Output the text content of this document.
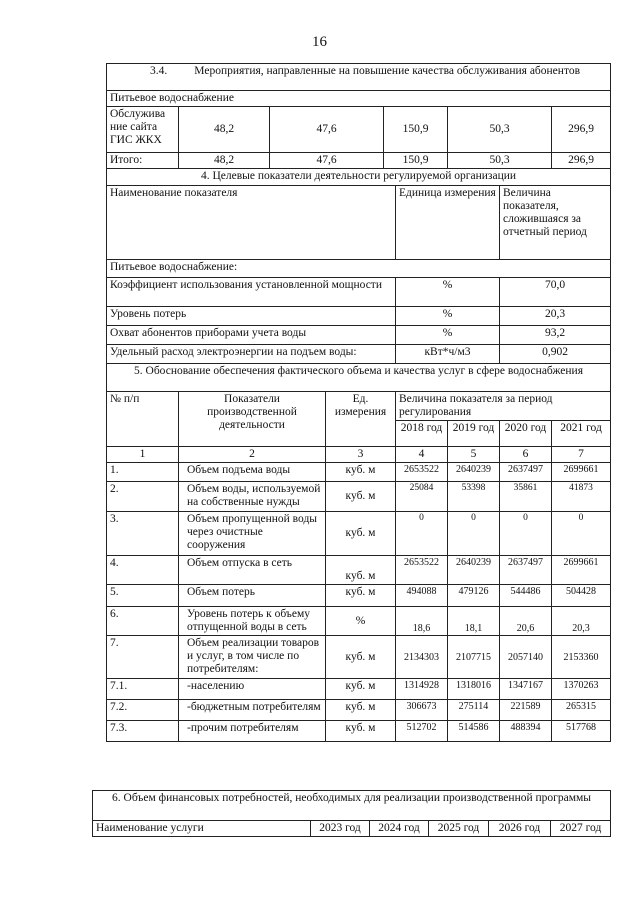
16
3.4. Мероприятия, направленные на повышение качества обслуживания абонентов								
Питьевое водоснабжение								
Обслужива ние сайта ГИС ЖКХ	48,2	47,6		150,9		50,3		296,9
Итого:	48,2	47,6		150,9		50,3		296,9
4. Целевые показатели деятельности регулируемой организации								
Наименование показателя					Единица измерения		Величина показателя, сложившаяся за отчетный период	
Питьевое водоснабжение:								
Коэффициент использования установленной мощности					%		70,0	
Уровень потерь					%		20,3	
Охват абонентов приборами учета воды					%		93,2	
Удельный расход электроэнергии на подъем воды:					кВт*ч/м3		0,902	
5. Обоснование обеспечения фактического объема и качества услуг в сфере водоснабжения								
№ п/п	Показатели производственной деятельности		Ед. измерения		Величина показателя за период регулирования			
					2018 год	2019 год	2020 год	2021 год
1	2		3		4	5	6	7
1.	Объем подъема воды		куб. м		2653522	2640239	2637497	2699661
2.	Объем воды, используемой на собственные нужды		куб. м		25084	53398	35861	41873
3.	Объем пропущенной воды через очистные сооружения		куб. м		0	0	0	0
4.	Объем отпуска в сеть		куб. м		2653522	2640239	2637497	2699661
5.	Объем потерь		куб. м		494088	479126	544486	504428
6.	Уровень потерь к объему отпущенной воды в сеть		%		18,6	18,1	20,6	20,3
7.	Объем реализации товаров и услуг, в том числе по потребителям:		куб. м		2134303	2107715	2057140	2153360
7.1.	-населению		куб. м		1314928	1318016	1347167	1370263
7.2.	-бюджетным потребителям		куб. м		306673	275114	221589	265315
7.3.	-прочим потребителям		куб. м		512702	514586	488394	517768
6. Объем финансовых потребностей, необходимых для реализации производственной программы
Наименование услуги	2023 год	2024 год	2025 год	2026 год	2027 год
